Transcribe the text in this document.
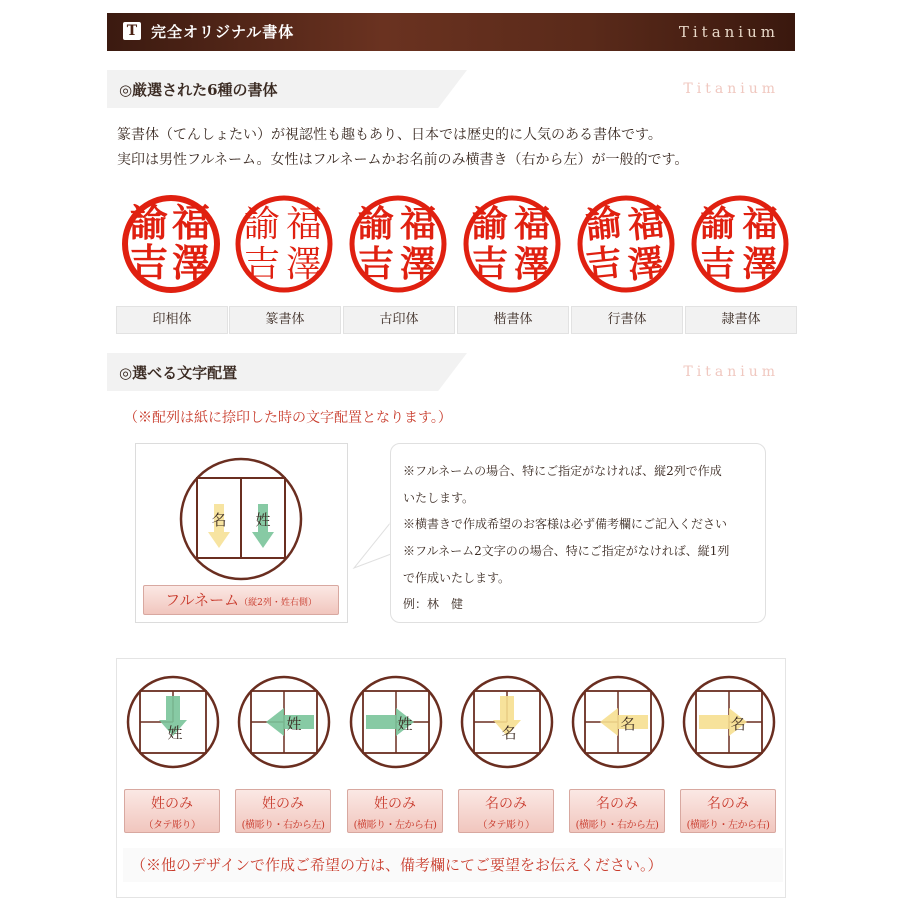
T 完全オリジナル書体	Titanium
◎厳選された6種の書体	Titanium
篆書体（てんしょたい）が視認性も趣もあり、日本では歴史的に人気のある書体です。
実印は男性フルネーム。女性はフルネームかお名前のみ横書き（右から左）が一般的です。
福
澤
諭
吉
印相体
福
澤
諭
吉
篆書体
福
澤
諭
吉
古印体
福
澤
諭
吉
楷書体
福
澤
諭
吉
行書体
福
澤
諭
吉
隷書体
◎選べる文字配置	Titanium
（※配列は紙に捺印した時の文字配置となります。）
名 姓
フルネーム（縦2列・姓右側）
※フルネームの場合、特にご指定がなければ、縦2列で作成
いたします。
※横書きで作成希望のお客様は必ず備考欄にご記入ください
※フルネーム2文字のの場合、特にご指定がなければ、縦1列
で作成いたします。
例：林　健
姓
姓のみ
（タテ彫り）
姓
姓のみ
(横彫り・右から左)
姓
姓のみ
(横彫り・左から右)
名
名のみ
（タテ彫り）
名
名のみ
(横彫り・右から左)
名
名のみ
(横彫り・左から右)
（※他のデザインで作成ご希望の方は、備考欄にてご要望をお伝えください。）
